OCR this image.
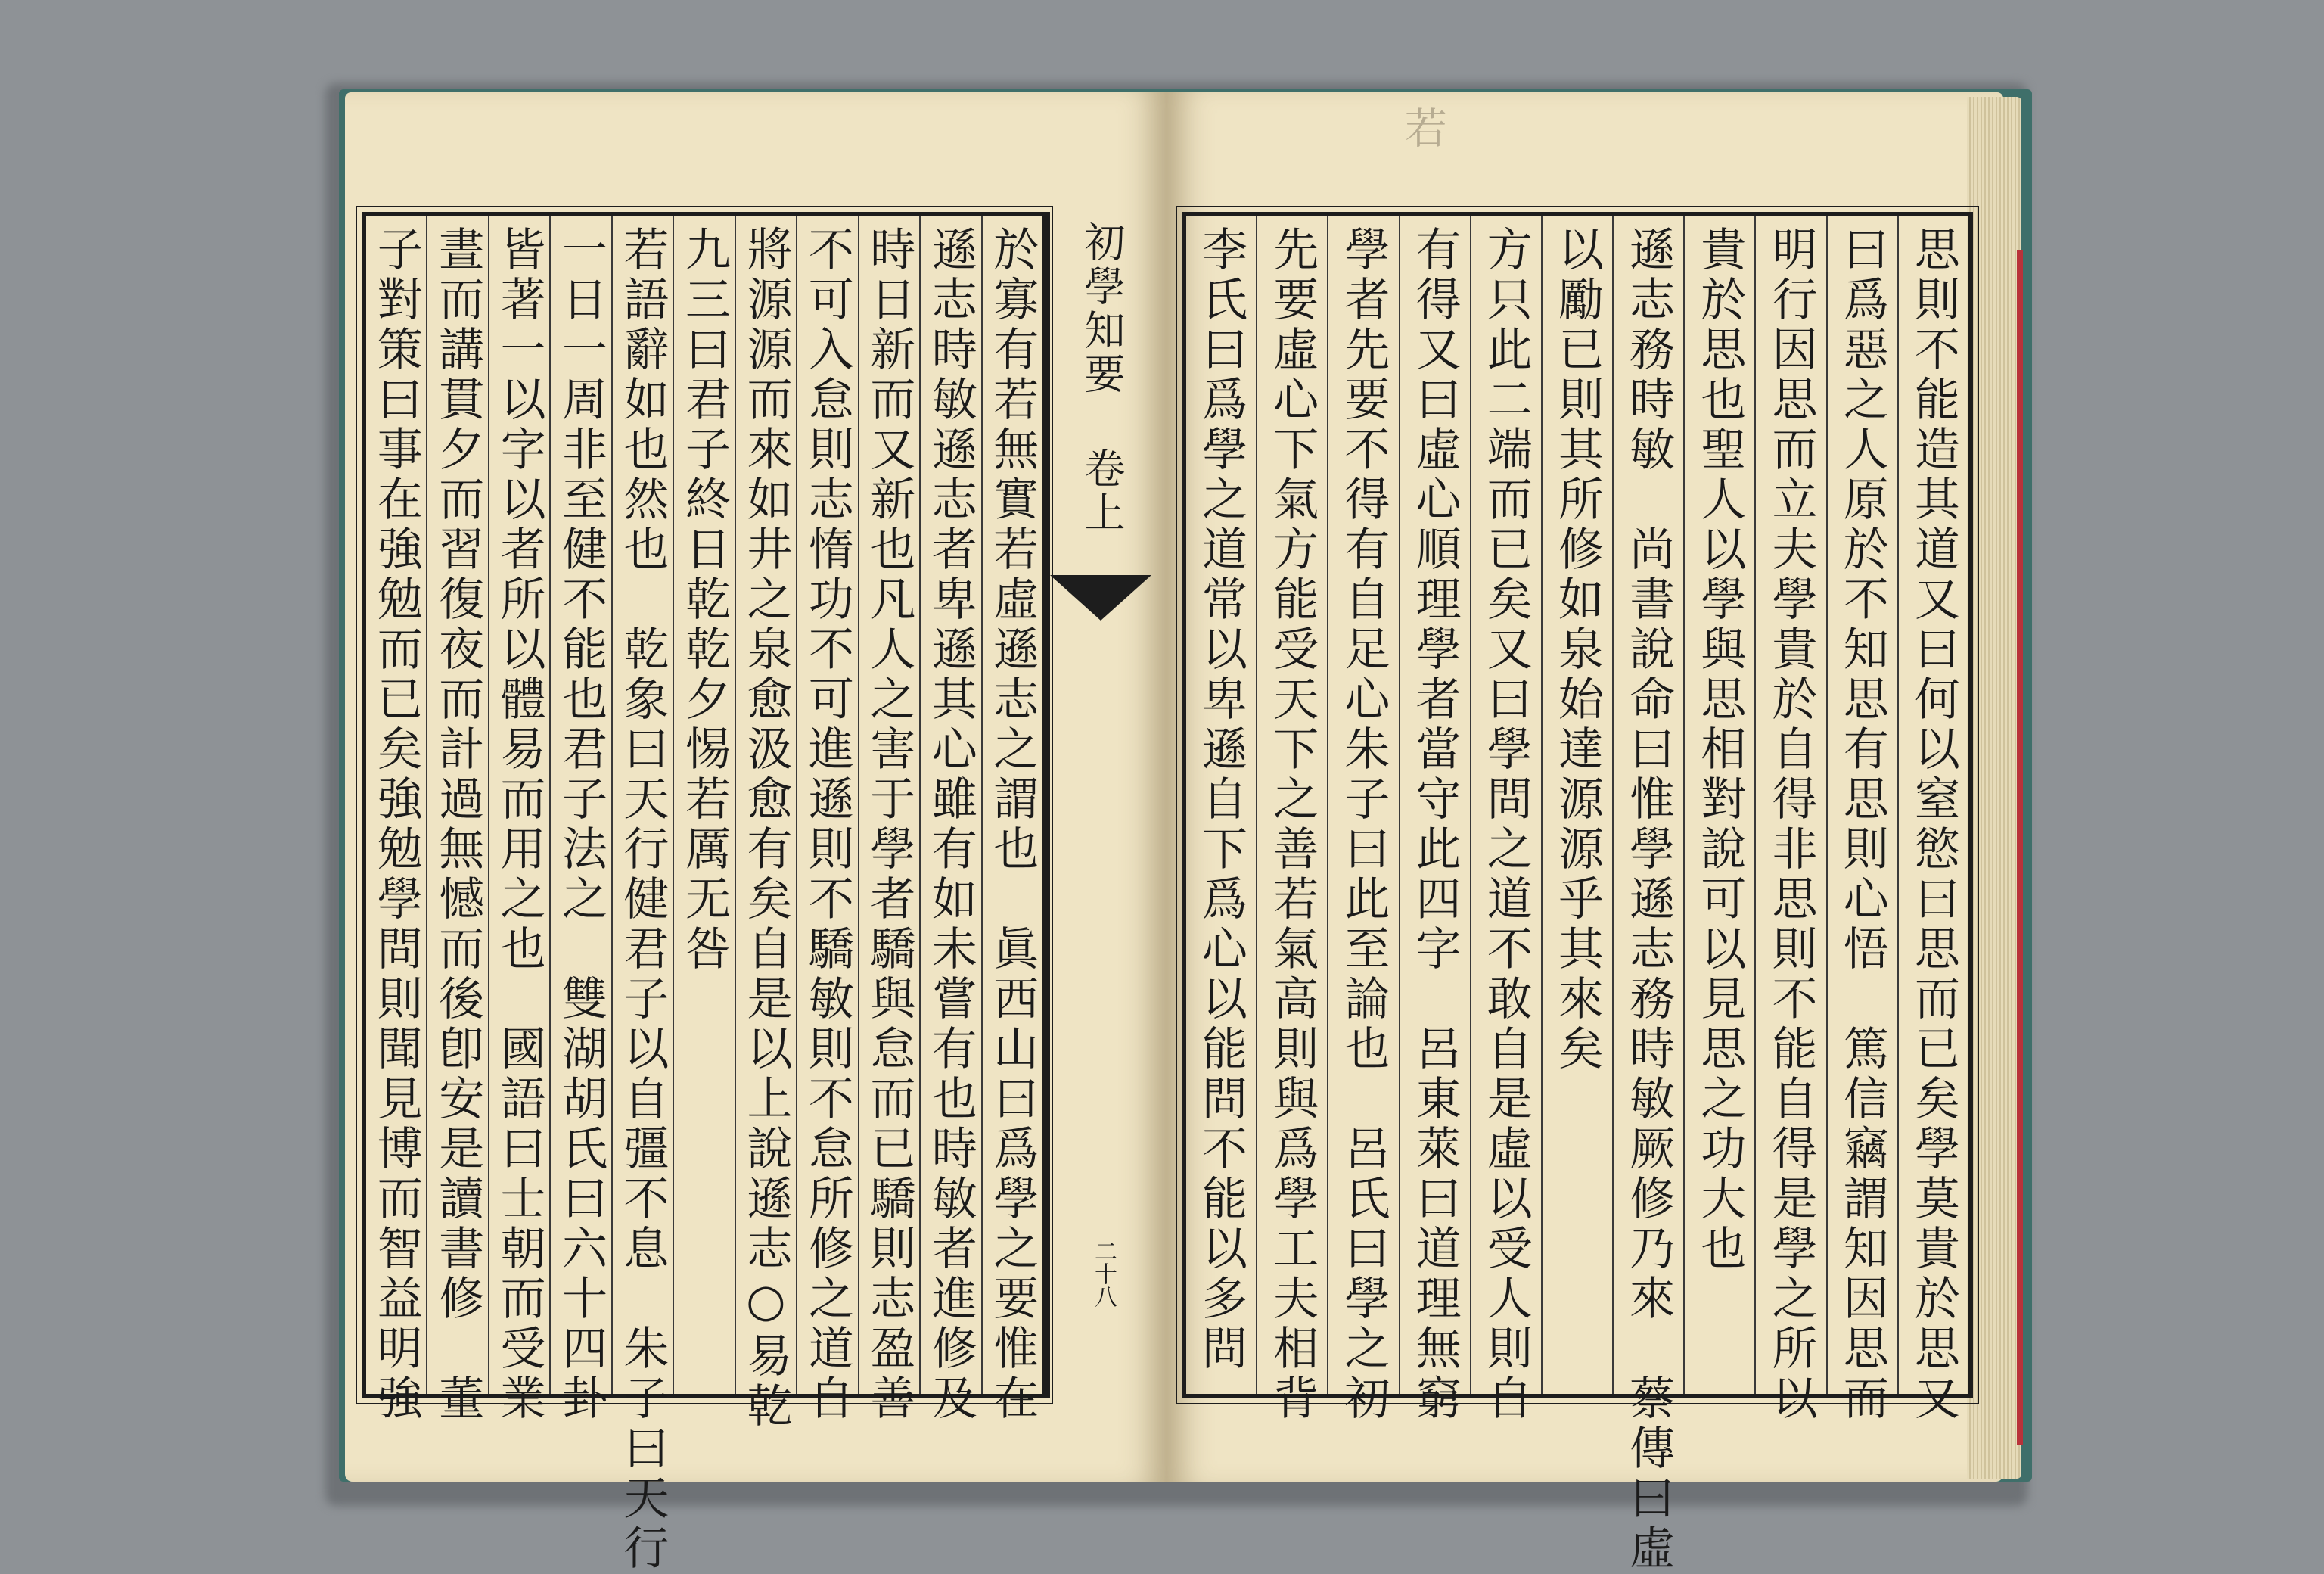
若
於寡有若無實若虛遜志之謂也　眞西山曰爲學之要惟在
遜志時敏遜志者卑遜其心雖有如未嘗有也時敏者進修及
時日新而又新也凡人之害于學者驕與怠而已驕則志盈善
不可入怠則志惰功不可進遜則不驕敏則不怠所修之道自
將源源而來如井之泉愈汲愈有矣自是以上說遜志○易乾
九三曰君子終日乾乾夕惕若厲无咎
若語辭如也然也　乾象曰天行健君子以自彊不息　朱子曰天行
一日一周非至健不能也君子法之　雙湖胡氏曰六十四卦
皆著一以字以者所以體易而用之也　國語曰士朝而受業
晝而講貫夕而習復夜而計過無憾而後卽安是讀書修　董
子對策曰事在強勉而已矣強勉學問則聞見博而智益明強	初學知要 卷上
二十八	思則不能造其道又曰何以窒慾曰思而已矣學莫貴於思又
曰爲惡之人原於不知思有思則心悟　篤信竊謂知因思而
明行因思而立夫學貴於自得非思則不能自得是學之所以
貴於思也聖人以學與思相對說可以見思之功大也
遜志務時敏　尚書說命曰惟學遜志務時敏厥修乃來　蔡傳曰虛
以勵已則其所修如泉始達源源乎其來矣
方只此二端而已矣又曰學問之道不敢自是虛以受人則自
有得又曰虛心順理學者當守此四字　呂東萊曰道理無窮
學者先要不得有自足心朱子曰此至論也　呂氏曰學之初
先要虛心下氣方能受天下之善若氣高則與爲學工夫相背
李氏曰爲學之道常以卑遜自下爲心以能問不能以多問
